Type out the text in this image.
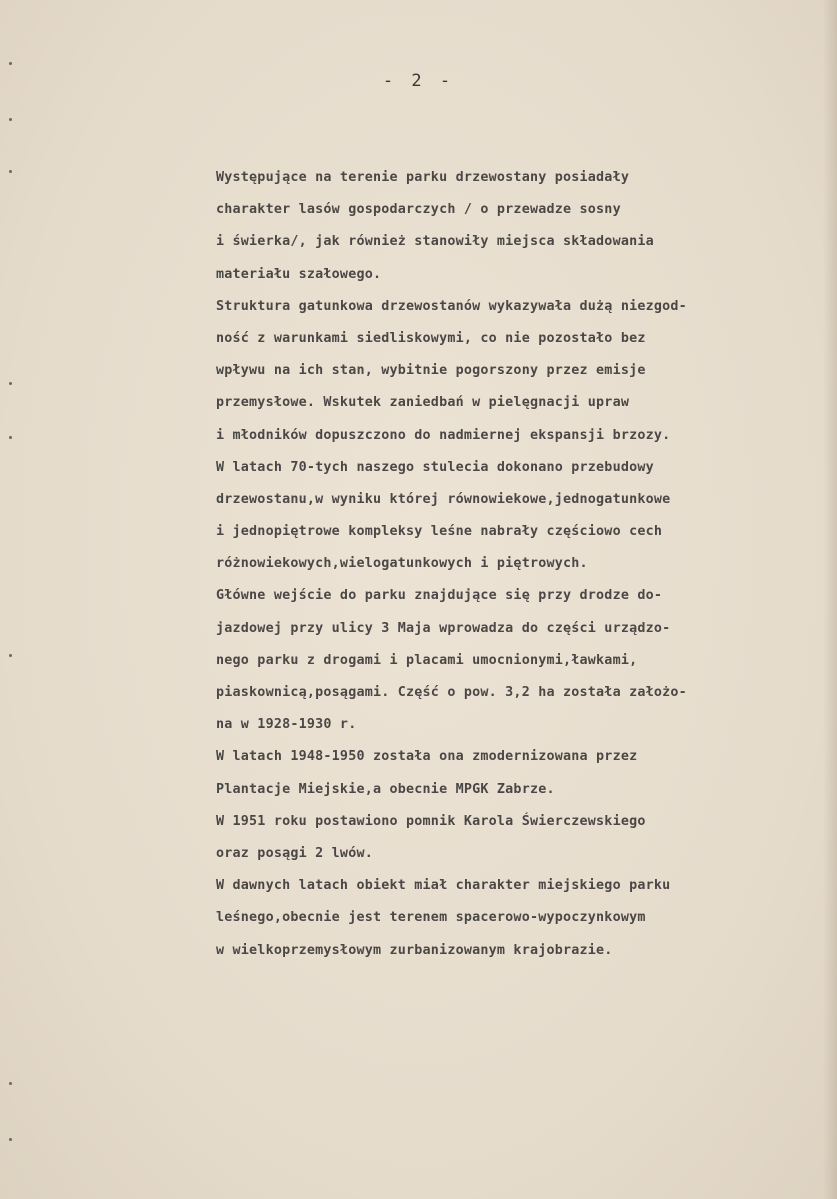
- 2 -
Występujące na terenie parku drzewostany posiadały
charakter lasów gospodarczych / o przewadze sosny
i świerka/, jak również stanowiły miejsca składowania
materiału szałowego.
Struktura gatunkowa drzewostanów wykazywała dużą niezgod-
ność z warunkami siedliskowymi, co nie pozostało bez
wpływu na ich stan, wybitnie pogorszony przez emisje
przemysłowe. Wskutek zaniedbań w pielęgnacji upraw
i młodników dopuszczono do nadmiernej ekspansji brzozy.
W latach 70-tych naszego stulecia dokonano przebudowy
drzewostanu,w wyniku której równowiekowe,jednogatunkowe
i jednopiętrowe kompleksy leśne nabrały częściowo cech
różnowiekowych,wielogatunkowych i piętrowych.
Główne wejście do parku znajdujące się przy drodze do-
jazdowej przy ulicy 3 Maja wprowadza do części urządzo-
nego parku z drogami i placami umocnionymi,ławkami,
piaskownicą,posągami. Część o pow. 3,2 ha została założo-
na w 1928-1930 r.
W latach 1948-1950 została ona zmodernizowana przez
Plantacje Miejskie,a obecnie MPGK Zabrze.
W 1951 roku postawiono pomnik Karola Świerczewskiego
oraz posągi 2 lwów.
W dawnych latach obiekt miał charakter miejskiego parku
leśnego,obecnie jest terenem spacerowo-wypoczynkowym
w wielkoprzemysłowym zurbanizowanym krajobrazie.
